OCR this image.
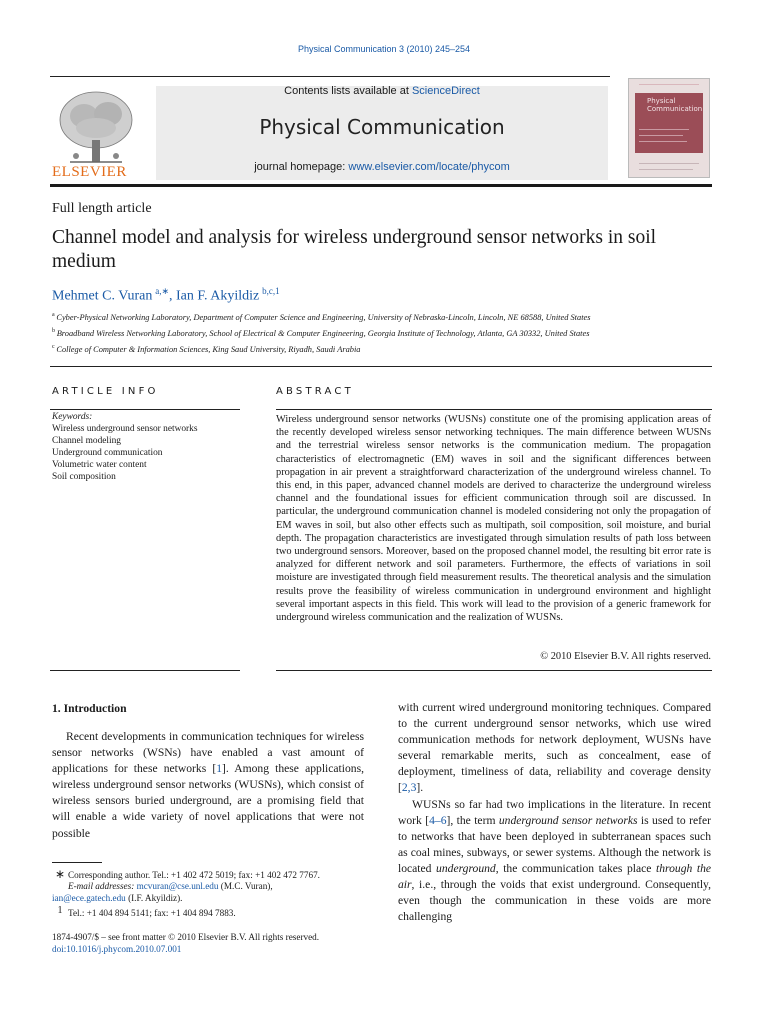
Physical Communication 3 (2010) 245–254
ELSEVIER
Contents lists available at ScienceDirect
Physical Communication
journal homepage: www.elsevier.com/locate/phycom
Physical
Communication
Full length article
Channel model and analysis for wireless underground sensor networks in soil medium
Mehmet C. Vuran  $^{a,∗}$, Ian F. Akyildiz  $^{b,c,1}$
$^a$  Cyber-Physical Networking Laboratory, Department of Computer Science and Engineering, University of Nebraska-Lincoln, Lincoln, NE 68588, United States
$^b$  Broadband Wireless Networking Laboratory, School of Electrical & Computer Engineering, Georgia Institute of Technology, Atlanta, GA 30332, United States
$^c$  College of Computer & Information Sciences, King Saud University, Riyadh, Saudi Arabia
ARTICLE INFO
Keywords:
Wireless underground sensor networks
Channel modeling
Underground communication
Volumetric water content
Soil composition
ABSTRACT
Wireless underground sensor networks (WUSNs) constitute one of the promising application areas of the recently developed wireless sensor networking techniques. The main difference between WUSNs and the terrestrial wireless sensor networks is the communication medium. The propagation characteristics of electromagnetic (EM) waves in soil and the significant differences between propagation in air prevent a straightforward characterization of the underground wireless channel. To this end, in this paper, advanced channel models are derived to characterize the underground wireless channel and the foundational issues for efficient communication through soil are discussed. In particular, the underground communication channel is modeled considering not only the propagation of EM waves in soil, but also other effects such as multipath, soil composition, soil moisture, and burial depth. The propagation characteristics are investigated through simulation results of path loss between two underground sensors. Moreover, based on the proposed channel model, the resulting bit error rate is analyzed for different network and soil parameters. Furthermore, the effects of variations in soil moisture are investigated through field measurement results. The theoretical analysis and the simulation results prove the feasibility of wireless communication in underground environment and highlight several important aspects in this field. This work will lead to the provision of a generic framework for underground wireless communication and the realization of WUSNs.
© 2010 Elsevier B.V. All rights reserved.
1. Introduction

Recent developments in communication techniques for wireless sensor networks (WSNs) have enabled a vast amount of applications for these networks [1]. Among these applications, wireless underground sensor networks (WUSNs), which consist of wireless sensors buried underground, are a promising field that will enable a wide variety of novel applications that were not possible

with current wired underground monitoring techniques. Compared to the current underground sensor networks, which use wired communication methods for network deployment, WUSNs have several remarkable merits, such as concealment, ease of deployment, timeliness of data, reliability and coverage density [2,3].

WUSNs so far had two implications in the literature. In recent work [4–6], the term underground sensor networks is used to refer to networks that have been deployed in subterranean spaces such as coal mines, subways, or sewer systems. Although the network is located underground, the communication takes place through the air, i.e., through the voids that exist underground. Consequently, even though the communication in these voids are more challenging

∗ Corresponding author. Tel.: +1 402 472 5019; fax: +1 402 472 7767.
E-mail addresses: mcvuran@cse.unl.edu (M.C. Vuran),
ian@ece.gatech.edu (I.F. Akyildiz).
1 Tel.: +1 404 894 5141; fax: +1 404 894 7883.
1874-4907/$ – see front matter © 2010 Elsevier B.V. All rights reserved.
doi:10.1016/j.phycom.2010.07.001
